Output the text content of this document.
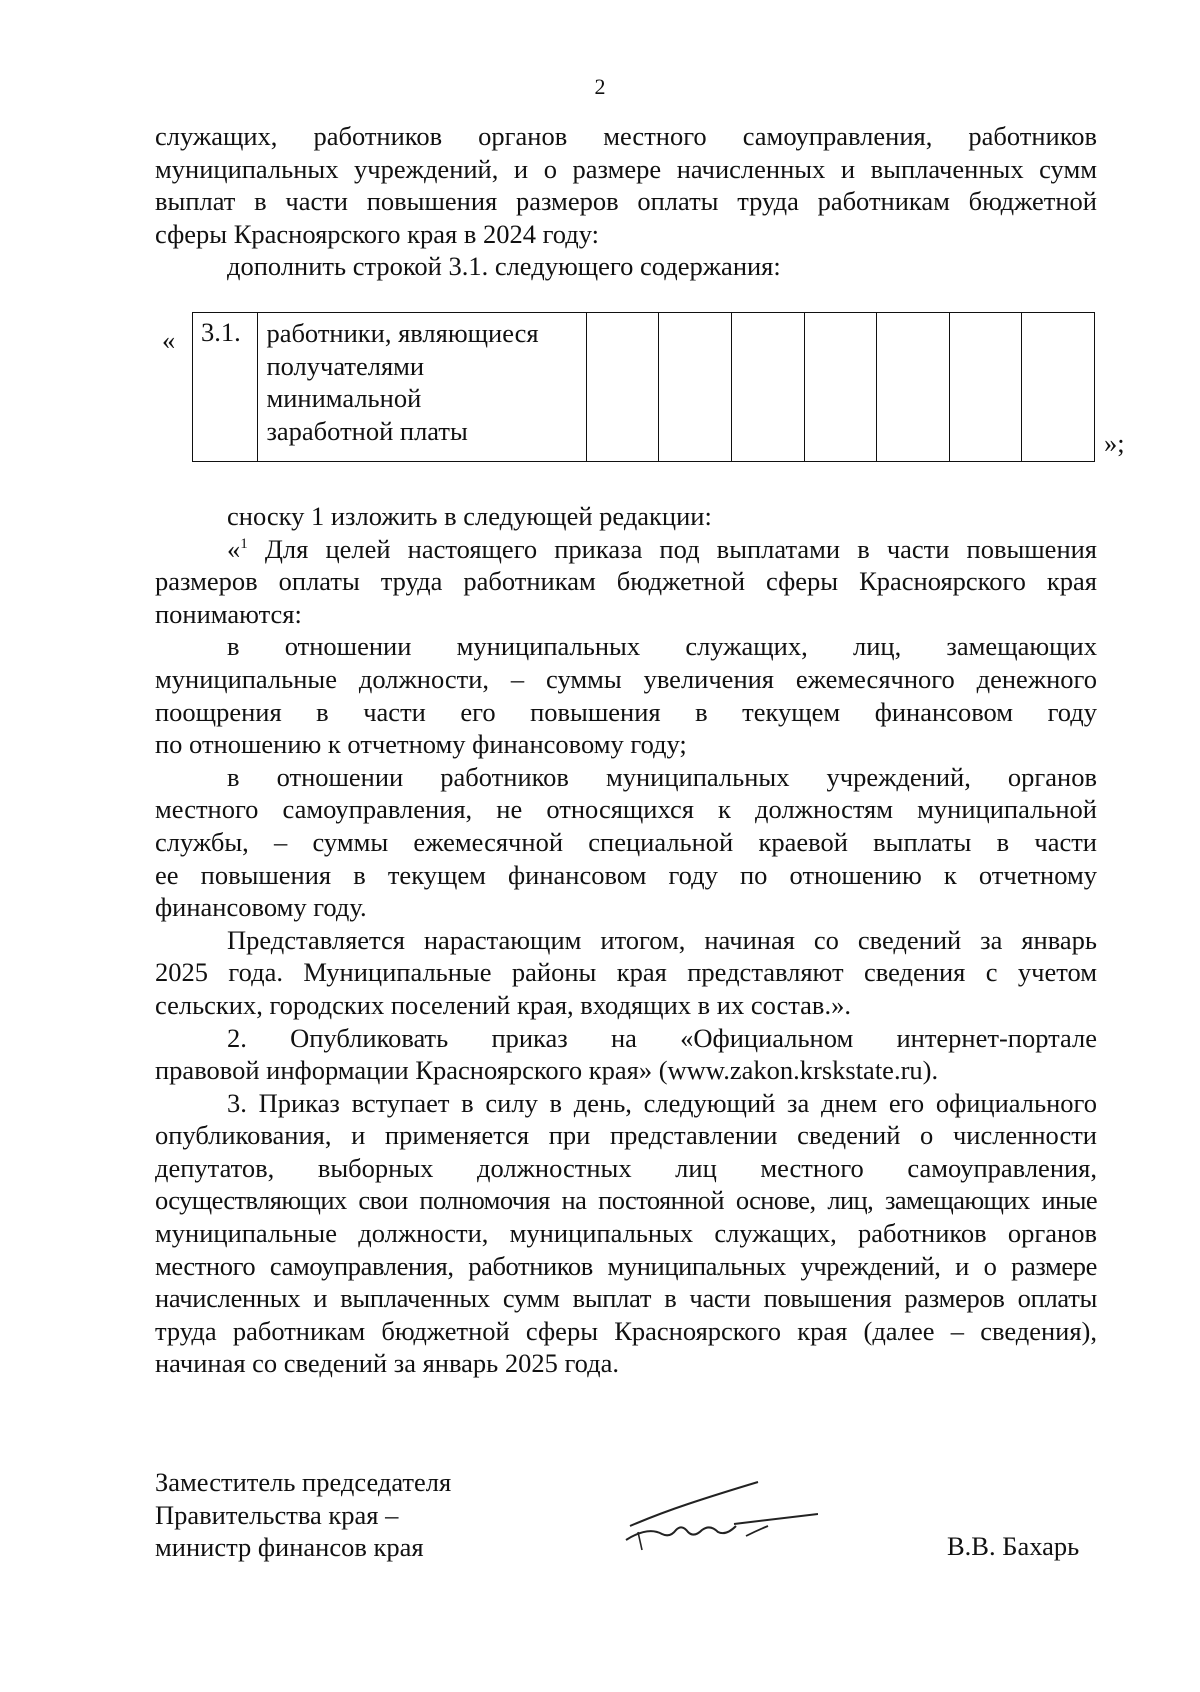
2
служащих, работников органов местного самоуправления, работников
муниципальных учреждений, и о размере начисленных и выплаченных сумм
выплат в части повышения размеров оплаты труда работникам бюджетной
сферы Красноярского края в 2024 году:
дополнить строкой 3.1. следующего содержания:
« 3.1.	работники, являющиеся
получателями
минимальной
заработной платы
								»;
сноску 1 изложить в следующей редакции:
«$^1$ Для целей настоящего приказа под выплатами в части повышения
размеров оплаты труда работникам бюджетной сферы Красноярского края
понимаются:
в отношении муниципальных служащих, лиц, замещающих
муниципальные должности, – суммы увеличения ежемесячного денежного
поощрения в части его повышения в текущем финансовом году
по отношению к отчетному финансовому году;
в отношении работников муниципальных учреждений, органов
местного самоуправления, не относящихся к должностям муниципальной
службы, – суммы ежемесячной специальной краевой выплаты в части
ее повышения в текущем финансовом году по отношению к отчетному
финансовому году.
Представляется нарастающим итогом, начиная со сведений за январь
2025 года. Муниципальные районы края представляют сведения с учетом
сельских, городских поселений края, входящих в их состав.».
2. Опубликовать приказ на «Официальном интернет-портале
правовой информации Красноярского края» (www.zakon.krskstate.ru).
3. Приказ вступает в силу в день, следующий за днем его официального
опубликования, и применяется при представлении сведений о численности
депутатов, выборных должностных лиц местного самоуправления,
осуществляющих свои полномочия на постоянной основе, лиц, замещающих иные
муниципальные должности, муниципальных служащих, работников органов
местного самоуправления, работников муниципальных учреждений, и о размере
начисленных и выплаченных сумм выплат в части повышения размеров оплаты
труда работникам бюджетной сферы Красноярского края (далее – сведения),
начиная со сведений за январь 2025 года.
Заместитель председателя
Правительства края –
министр финансов края	В.В. Бахарь
